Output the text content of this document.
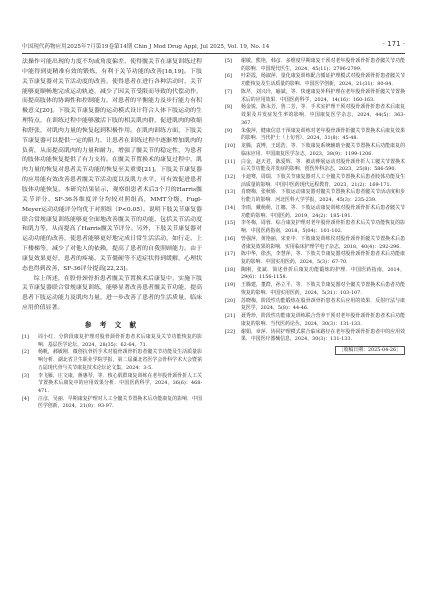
中国现代药物应用2025年7月第19卷第14期 Chin J Mod Drug Appl, Jul 2025, Vol. 19, No. 14	· 171 ·

法操作可能出现的力度不均或角度偏差，使得髋关节在康复训练过程中能得到更精准有效的锻炼，有利于关节功能的改善[18,19]。下肢关节康复器对关节活动度的改善，使得患者在进行各种活动时，关节能够更顺畅地完成运动轨迹，减少了因关节受限而导致的代偿动作，而提高肢体的协调性和控制能力，对患者的平衡能力及步行能力有积极意义[20]。下肢关节康复器的运动模式设计符合人体下肢运动的生理特点，在训练过程中能够激活下肢的相关肌肉群，促进肌肉的收缩和舒张，对肌肉力量的恢复起到积极作用。在肌肉训练方面，下肢关节康复器可以提供一定的阻力，让患者在训练过程中逐渐增加肌肉的负荷，从而提高肌肉的力量和耐力，增强了髋关节的稳定性，为患者的肢体功能恢复提供了有力支持。在髋关节置换术的康复过程中，肌肉力量的恢复对患者关节功能的恢复至关重要[21]。下肢关节康复器的应用能有效改善患者髋关节活动度以及肌力水平，可有效促进患者肢体功能恢复。本研究结果显示，观察组患者术后3个月的Harris髋关节评分、SF-36各维度评分均较对照组高，MMT分级、Fugl-Meyer运动功能评分均优于对照组（P<0.05）。说明下肢关节康复器联合常规康复训练能够更全面地改善髋关节的功能，包括关节活动度和肌力等，从而提高了Harris髋关节评分。另外，下肢关节康复器对运动功能的改善，使患者能够更好地完成日常生活活动，如行走、上下楼梯等，减少了对他人的依赖，提高了患者的自我照顾能力。由于康复效果更好，患者的疼痛、关节僵硬等不适症状得到缓解，心理状态也得到改善，SF-36评分提高[22,23]。

综上所述，在股骨颈骨折患者髋关节置换术后康复中，实施下肢关节康复器联合常规康复训练，能够显著改善患者髋关节功能，提高患者下肢运动能力及肌肉力量，进一步改善了患者的生活质量，临床应用价值显著。

参 考 文 献
[1] 周小红．分阶段康复护理对股骨颈骨折患者术后康复及关节功能恢复的影响．基层医学论坛，2024，28(35)：62-64，71.
[2] 杨帆，郝敏刚．微创抗骨折手术对股骨颈骨折患者髋关节功能及生活质量影响分析．湖北省卫生职业学院学报，第二届湖北省医学会骨科学术大会暨第五届现代骨与关节康复技术论坛论文集，2024：3-5.
[3] 李飞雁，庄文康，蒋惠琴，等．核心肌群康复训练在老年股骨颈骨折人工关节置换术后康复中的应用效果分析．中国医药科学，2024，36(6)：468-471.
[4] 汪彦，吴丽．早期康复护理对人工全髋关节置换术后功能康复的影响．中国医学创新，2024，21(8)：93-97.
[5] 谢敏，熊艳，韩彦．多维度早期康复干预对老年股骨颈骨折患者髋关节功能的影响．中国现代医生，2024，45(11)：2796-2799.
[6] 叶彩霞，杨淑萍，量化康复训练配合循证护理模式对股骨颈骨折患者髋关节功能恢复及生活质量的影响．中国医学创新，2024，21(31)：80-84.
[7] 陈芹，刘兴玲，喻斌，等．快速康复外科护理在老年股骨颈骨折髋关节置换术后的应用效果．中国医药科学，2024，14(16)：160-163.
[8] 杨金锐，陈永芳，鲁二芳，等．手术室护理干预对股骨颈骨折患者术后康复效果及并发症发生率的影响．中国康复医学杂志，2024，44(5)：363-367.
[9] 朱俊萍，健康信息干预康复训练对老年股骨颈骨折髋关节置换术后康复效果的影响．当代护士（上旬刊），2024，31(8)：45-48.
[10] 龙腾，袁博，王瑶浩，等．下肢康复系统辅助全髋关节置换术后功能康复的临床应用．中国康复医学杂志，2023，38(9)：1199-1206.
[11] 白金，赵天君，陈爱辉，等．被动伸展运动对股骨颈骨折人工髋关节置换术后关节功能及并发症的影响．创伤外科杂志，2023，25(8)：586-590.
[12] 卡迪骞，周瑞．下肢关节康复器对人工全髋关节置换术后患者肢体功能及生活质量的影响．中国中医药现代远程教育，2023，21(2)：169-171.
[13] 肖晓梅，张秋娇．下肢运动康复器对髋关节置换术后患者髋关节活动度和步行能力的影响．河北医科大学学报，2024，45(3)：235-239.
[14] 李雨，戴萌萌，江娜，等．下肢运动康复训练对股骨颈骨折术后患者髋关节功能的影响．中国医药，2019，24(2)：185-191.
[15] 李冬梅，周蓉．综合康复护理对老年股骨颈骨折患者术后关节功能恢复的影响．中国医药指南，2018，5(04)：101-102.
[16] 曾强萍，黄艳丽，宋亚中．下肢康复训练仪对股骨颈骨折髋关节置换术后患者康复效果的影响．实用临床护理学电子杂志，2018，40(4)：292-296.
[17] 陈中华，徐杰，李慧萍，等．下肢关节康复器对股骨颈骨折患者术后功能康复的影响．中国实用医药，2024，5(3)：67-70.
[18] 陶刚，张斌．简述骨折后康复功能锻炼的护理．中国医药指南，2014，29(6)：1156-1158.
[19] 王腾建，董群，孙立平，等．下肢关节康复器对全髋关节置换术后患者功能恢复的影响．中国实用医药，2024，5(31)：103-107.
[20] 苏晓梅，阶段性功能锻炼在股骨颈骨折患者术后应用的效果．反射疗法与康复医学，2024，5(8)：44-46.
[21] 聂秀珍，阶段性功能康复训练联合营养干预对老年股骨颈骨折患者术后功能康复的影响．当代医药论丛，2024，30(3)：131-133.
[22] 谢娟，章萍．协同护理模式联合临床路径在老年股骨颈骨折患者中的应用效果．中国医疗器械信息，2024，30(3)：131-133.
［收稿日期：2025-04-26］
